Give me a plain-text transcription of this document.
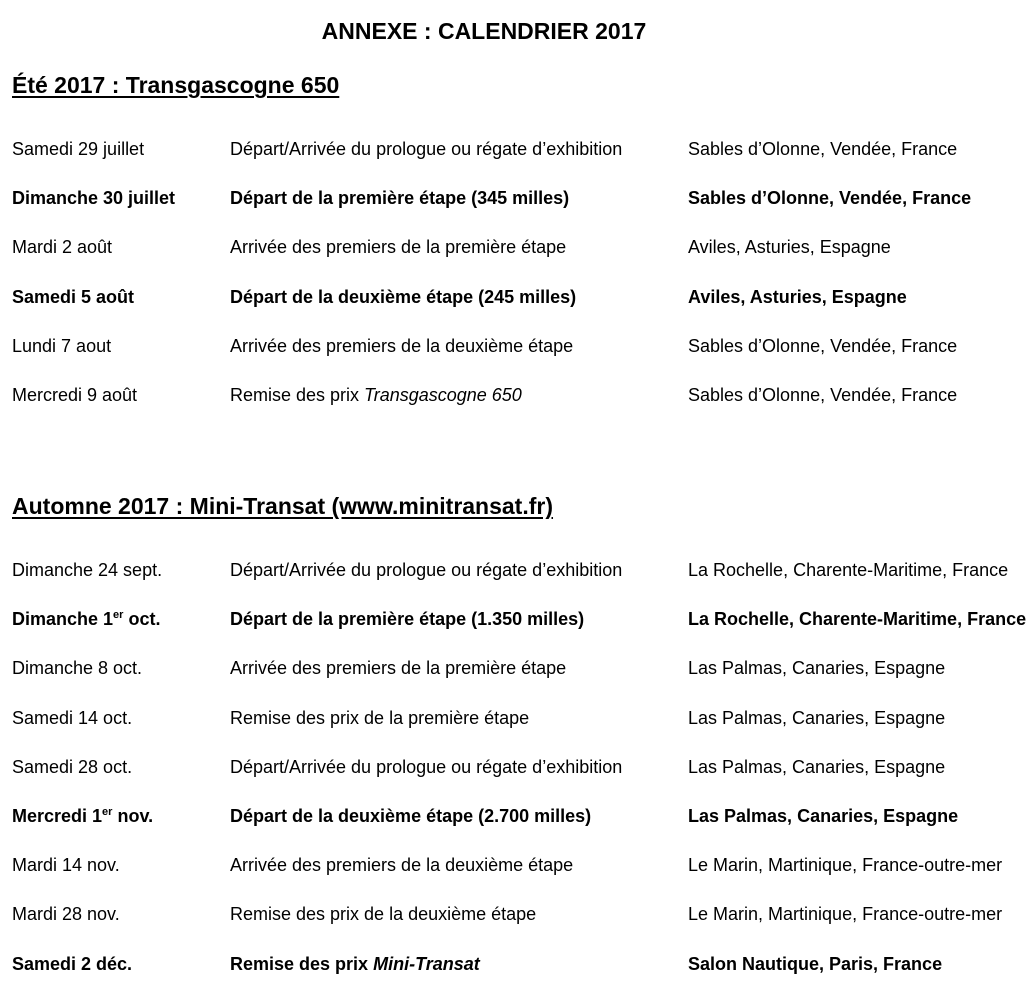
ANNEXE : CALENDRIER 2017
Été 2017 : Transgascogne 650
Samedi 29 juillet	Départ/Arrivée du prologue ou régate d’exhibition	Sables d’Olonne, Vendée, France
Dimanche 30 juillet	Départ de la première étape (345 milles)	Sables d’Olonne, Vendée, France
Mardi 2 août	Arrivée des premiers de la première étape	Aviles, Asturies, Espagne
Samedi 5 août	Départ de la deuxième étape (245 milles)	Aviles, Asturies, Espagne
Lundi 7 aout	Arrivée des premiers de la deuxième étape	Sables d’Olonne, Vendée, France
Mercredi 9 août	Remise des prix Transgascogne 650	Sables d’Olonne, Vendée, France
Automne 2017 : Mini-Transat (www.minitransat.fr)
Dimanche 24 sept.	Départ/Arrivée du prologue ou régate d’exhibition	La Rochelle, Charente-Maritime, France
Dimanche 1er oct.	Départ de la première étape (1.350 milles)	La Rochelle, Charente-Maritime, France
Dimanche 8 oct.	Arrivée des premiers de la première étape	Las Palmas, Canaries, Espagne
Samedi 14 oct.	Remise des prix de la première étape	Las Palmas, Canaries, Espagne
Samedi 28 oct.	Départ/Arrivée du prologue ou régate d’exhibition	Las Palmas, Canaries, Espagne
Mercredi 1er nov.	Départ de la deuxième étape (2.700 milles)	Las Palmas, Canaries, Espagne
Mardi 14 nov.	Arrivée des premiers de la deuxième étape	Le Marin, Martinique, France-outre-mer
Mardi 28 nov.	Remise des prix de la deuxième étape	Le Marin, Martinique, France-outre-mer
Samedi 2 déc.	Remise des prix Mini-Transat	Salon Nautique, Paris, France
